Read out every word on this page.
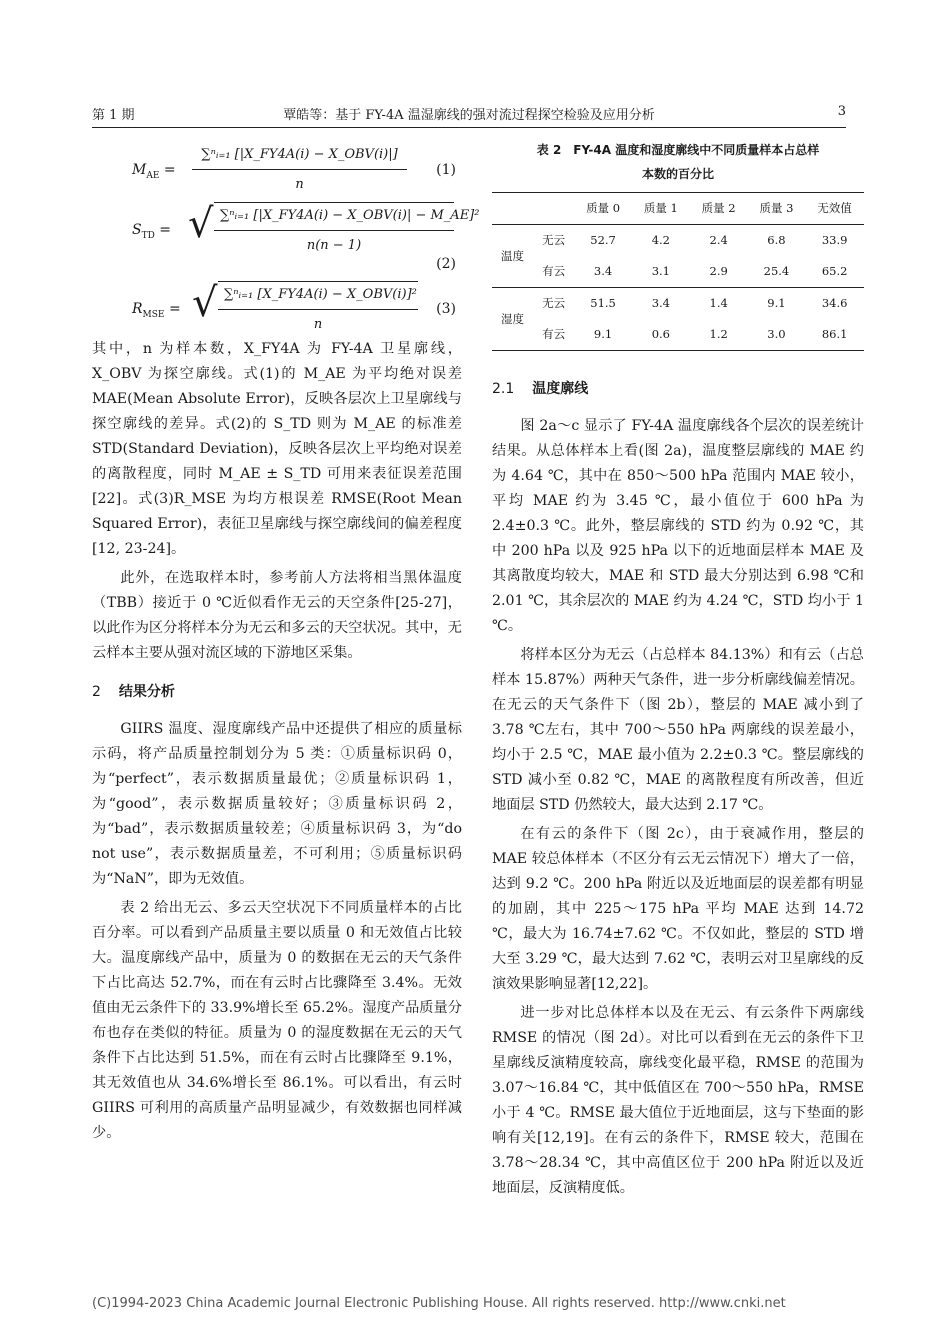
第 1 期	覃皓等：基于 FY-4A 温湿廓线的强对流过程探空检验及应用分析	3
$M_{AE}$ =
∑ⁿᵢ₌₁ [|X_FY4A(i) − X_OBV(i)|]
n
(1)
$S_{TD}$ = √ ∑ⁿᵢ₌₁ [|X_FY4A(i) − X_OBV(i)| − M_AE]²
n(n − 1)
(2)
$R_{MSE}$ = √ ∑ⁿᵢ₌₁ [X_FY4A(i) − X_OBV(i)]²
n
(3)

其中，n 为样本数，X_FY4A 为 FY-4A 卫星廓线，X_OBV 为探空廓线。式(1)的 M_AE 为平均绝对误差 MAE(Mean Absolute Error)，反映各层次上卫星廓线与探空廓线的差异。式(2)的 S_TD 则为 M_AE 的标准差 STD(Standard Deviation)，反映各层次上平均绝对误差的离散程度，同时 M_AE ± S_TD 可用来表征误差范围[22]。式(3)R_MSE 为均方根误差 RMSE(Root Mean Squared Error)，表征卫星廓线与探空廓线间的偏差程度[12, 23-24]。

此外，在选取样本时，参考前人方法将相当黑体温度（TBB）接近于 0 ℃近似看作无云的天空条件[25-27]，以此作为区分将样本分为无云和多云的天空状况。其中，无云样本主要从强对流区域的下游地区采集。

2 结果分析

GIIRS 温度、湿度廓线产品中还提供了相应的质量标示码，将产品质量控制划分为 5 类：①质量标识码 0，为“perfect”，表示数据质量最优；②质量标识码 1，为“good”，表示数据质量较好；③质量标识码 2，为“bad”，表示数据质量较差；④质量标识码 3，为“do not use”，表示数据质量差，不可利用；⑤质量标识码为“NaN”，即为无效值。

表 2 给出无云、多云天空状况下不同质量样本的占比百分率。可以看到产品质量主要以质量 0 和无效值占比较大。温度廓线产品中，质量为 0 的数据在无云的天气条件下占比高达 52.7%，而在有云时占比骤降至 3.4%。无效值由无云条件下的 33.9%增长至 65.2%。湿度产品质量分布也存在类似的特征。质量为 0 的湿度数据在无云的天气条件下占比达到 51.5%，而在有云时占比骤降至 9.1%，其无效值也从 34.6%增长至 86.1%。可以看出，有云时 GIIRS 可利用的高质量产品明显减少，有效数据也同样减少。

表 2　FY-4A 温度和湿度廓线中不同质量样本占总样
本数的百分比
		质量 0	质量 1	质量 2	质量 3	无效值
温度	无云	52.7	4.2	2.4	6.8	33.9
	有云	3.4	3.1	2.9	25.4	65.2
湿度	无云	51.5	3.4	1.4	9.1	34.6
	有云	9.1	0.6	1.2	3.0	86.1
2.1 温度廓线

图 2a～c 显示了 FY-4A 温度廓线各个层次的误差统计结果。从总体样本上看(图 2a)，温度整层廓线的 MAE 约为 4.64 ℃，其中在 850～500 hPa 范围内 MAE 较小，平均 MAE 约为 3.45 ℃，最小值位于 600 hPa 为 2.4±0.3 ℃。此外，整层廓线的 STD 约为 0.92 ℃，其中 200 hPa 以及 925 hPa 以下的近地面层样本 MAE 及其离散度均较大，MAE 和 STD 最大分别达到 6.98 ℃和 2.01 ℃，其余层次的 MAE 约为 4.24 ℃，STD 均小于 1 ℃。

将样本区分为无云（占总样本 84.13%）和有云（占总样本 15.87%）两种天气条件，进一步分析廓线偏差情况。在无云的天气条件下（图 2b），整层的 MAE 减小到了 3.78 ℃左右，其中 700～550 hPa 两廓线的误差最小，均小于 2.5 ℃，MAE 最小值为 2.2±0.3 ℃。整层廓线的 STD 减小至 0.82 ℃，MAE 的离散程度有所改善，但近地面层 STD 仍然较大，最大达到 2.17 ℃。

在有云的条件下（图 2c），由于衰减作用，整层的 MAE 较总体样本（不区分有云无云情况下）增大了一倍，达到 9.2 ℃。200 hPa 附近以及近地面层的误差都有明显的加剧，其中 225～175 hPa 平均 MAE 达到 14.72 ℃，最大为 16.74±7.62 ℃。不仅如此，整层的 STD 增大至 3.29 ℃，最大达到 7.62 ℃，表明云对卫星廓线的反演效果影响显著[12,22]。

进一步对比总体样本以及在无云、有云条件下两廓线 RMSE 的情况（图 2d）。对比可以看到在无云的条件下卫星廓线反演精度较高，廓线变化最平稳，RMSE 的范围为 3.07～16.84 ℃，其中低值区在 700～550 hPa，RMSE 小于 4 ℃。RMSE 最大值位于近地面层，这与下垫面的影响有关[12,19]。在有云的条件下，RMSE 较大，范围在 3.78～28.34 ℃，其中高值区位于 200 hPa 附近以及近地面层，反演精度低。

(C)1994-2023 China Academic Journal Electronic Publishing House. All rights reserved. http://www.cnki.net
